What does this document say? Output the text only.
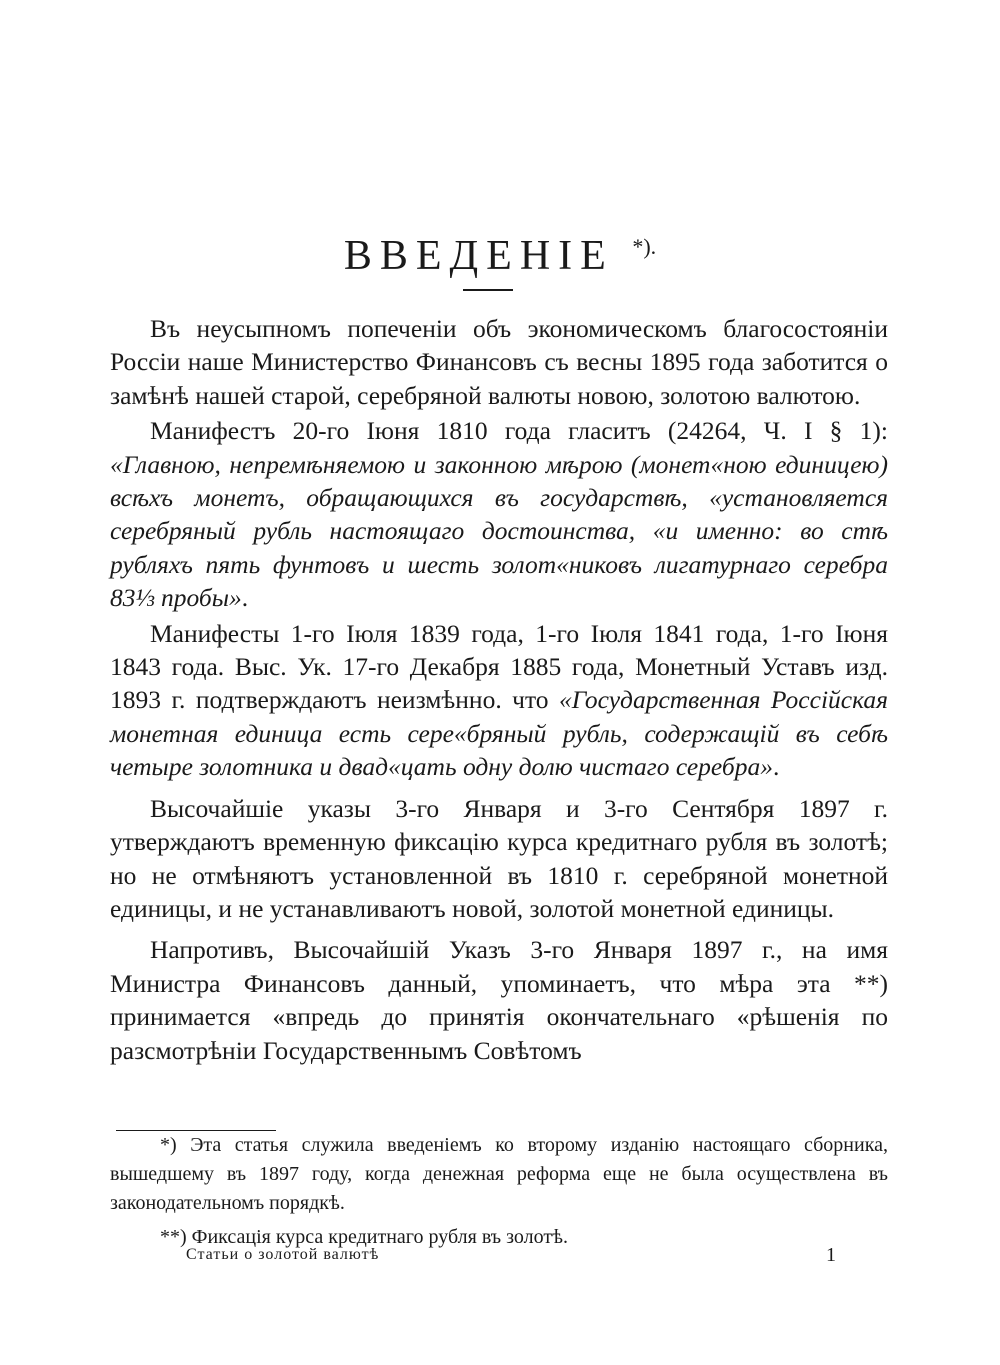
ВВЕДЕНІЕ *).

Въ неусыпномъ попеченіи объ экономическомъ благосостояніи Россіи наше Министерство Финансовъ съ весны 1895 года заботится о замѣнѣ нашей старой, серебряной валюты новою, золотою валютою.

Манифестъ 20-го Іюня 1810 года гласитъ (24264, Ч. I § 1): «Главною, непремѣняемою и законною мѣрою (монет«ною единицею) всѣхъ монетъ, обращающихся въ государствѣ, «установляется серебряный рубль настоящаго достоинства, «и именно: во стѣ рубляхъ пять фунтовъ и шесть золот«никовъ лигатурнаго серебра 83⅓ пробы».

Манифесты 1-го Іюля 1839 года, 1-го Іюля 1841 года, 1-го Іюня 1843 года. Выс. Ук. 17-го Декабря 1885 года, Монетный Уставъ изд. 1893 г. подтверждаютъ неизмѣнно. что «Государственная Россійская монетная единица есть сере«бряный рубль, содержащій въ себѣ четыре золотника и двад«цать одну долю чистаго серебра».

Высочайшіе указы 3-го Января и 3-го Сентября 1897 г. утверждаютъ временную фиксацію курса кредитнаго рубля въ золотѣ; но не отмѣняютъ установленной въ 1810 г. серебряной монетной единицы, и не устанавливаютъ новой, золотой монетной единицы.

Напротивъ, Высочайшій Указъ 3-го Января 1897 г., на имя Министра Финансовъ данный, упоминаетъ, что мѣра эта **) принимается «впредь до принятія окончательнаго «рѣшенія по разсмотрѣніи Государственнымъ Совѣтомъ

*) Эта статья служила введеніемъ ко второму изданію настоящаго сборника, вышедшему въ 1897 году, когда денежная реформа еще не была осуществлена въ законодательномъ порядкѣ.

**) Фиксація курса кредитнаго рубля въ золотѣ.

Статьи о золотой валютѣ	1
